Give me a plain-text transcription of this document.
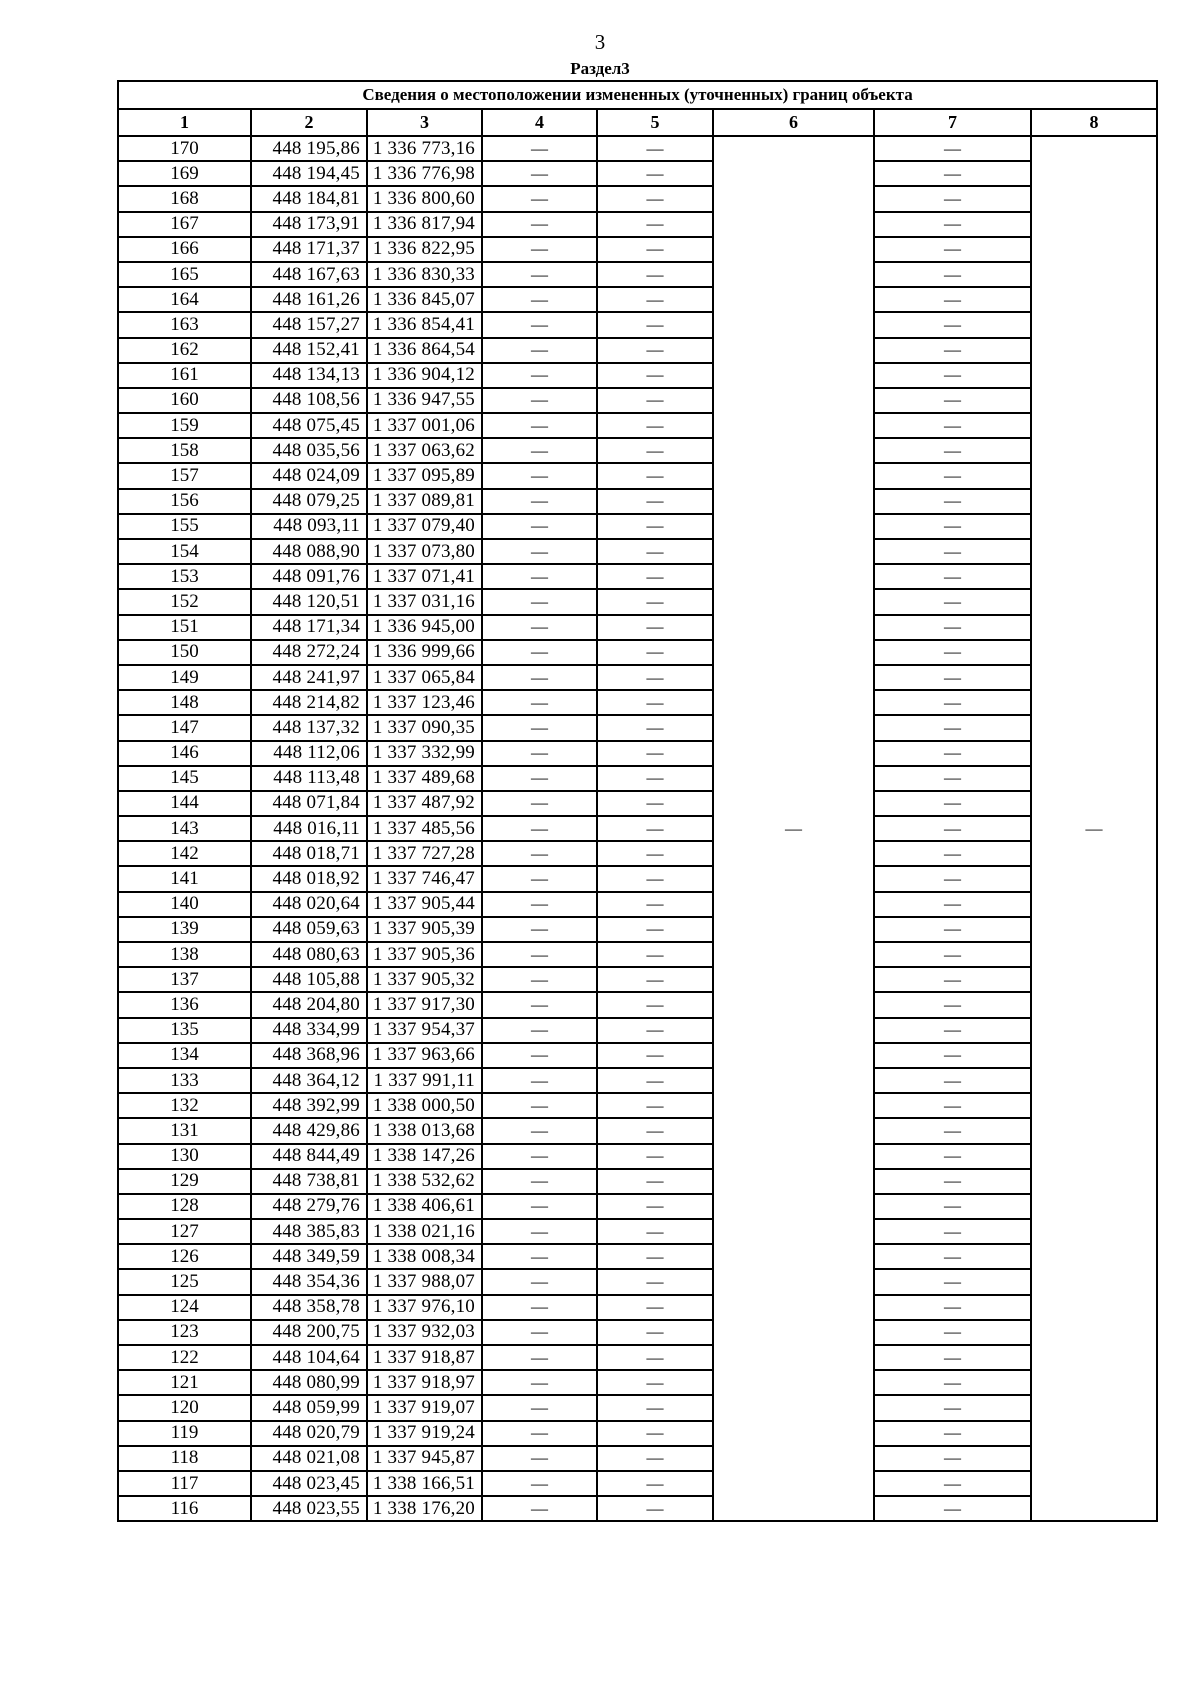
3
Раздел3
Сведения о местоположении измененных (уточненных) границ объекта							
1	2	3	4	5	6	7	8
170	448 195,86	1 336 773,16	—	—	—	—	—
169	448 194,45	1 336 776,98	—	—		—	
168	448 184,81	1 336 800,60	—	—		—	
167	448 173,91	1 336 817,94	—	—		—	
166	448 171,37	1 336 822,95	—	—		—	
165	448 167,63	1 336 830,33	—	—		—	
164	448 161,26	1 336 845,07	—	—		—	
163	448 157,27	1 336 854,41	—	—		—	
162	448 152,41	1 336 864,54	—	—		—	
161	448 134,13	1 336 904,12	—	—		—	
160	448 108,56	1 336 947,55	—	—		—	
159	448 075,45	1 337 001,06	—	—		—	
158	448 035,56	1 337 063,62	—	—		—	
157	448 024,09	1 337 095,89	—	—		—	
156	448 079,25	1 337 089,81	—	—		—	
155	448 093,11	1 337 079,40	—	—		—	
154	448 088,90	1 337 073,80	—	—		—	
153	448 091,76	1 337 071,41	—	—		—	
152	448 120,51	1 337 031,16	—	—		—	
151	448 171,34	1 336 945,00	—	—		—	
150	448 272,24	1 336 999,66	—	—		—	
149	448 241,97	1 337 065,84	—	—		—	
148	448 214,82	1 337 123,46	—	—		—	
147	448 137,32	1 337 090,35	—	—		—	
146	448 112,06	1 337 332,99	—	—		—	
145	448 113,48	1 337 489,68	—	—		—	
144	448 071,84	1 337 487,92	—	—		—	
143	448 016,11	1 337 485,56	—	—		—	
142	448 018,71	1 337 727,28	—	—		—	
141	448 018,92	1 337 746,47	—	—		—	
140	448 020,64	1 337 905,44	—	—		—	
139	448 059,63	1 337 905,39	—	—		—	
138	448 080,63	1 337 905,36	—	—		—	
137	448 105,88	1 337 905,32	—	—		—	
136	448 204,80	1 337 917,30	—	—		—	
135	448 334,99	1 337 954,37	—	—		—	
134	448 368,96	1 337 963,66	—	—		—	
133	448 364,12	1 337 991,11	—	—		—	
132	448 392,99	1 338 000,50	—	—		—	
131	448 429,86	1 338 013,68	—	—		—	
130	448 844,49	1 338 147,26	—	—		—	
129	448 738,81	1 338 532,62	—	—		—	
128	448 279,76	1 338 406,61	—	—		—	
127	448 385,83	1 338 021,16	—	—		—	
126	448 349,59	1 338 008,34	—	—		—	
125	448 354,36	1 337 988,07	—	—		—	
124	448 358,78	1 337 976,10	—	—		—	
123	448 200,75	1 337 932,03	—	—		—	
122	448 104,64	1 337 918,87	—	—		—	
121	448 080,99	1 337 918,97	—	—		—	
120	448 059,99	1 337 919,07	—	—		—	
119	448 020,79	1 337 919,24	—	—		—	
118	448 021,08	1 337 945,87	—	—		—	
117	448 023,45	1 338 166,51	—	—		—	
116	448 023,55	1 338 176,20	—	—		—	
